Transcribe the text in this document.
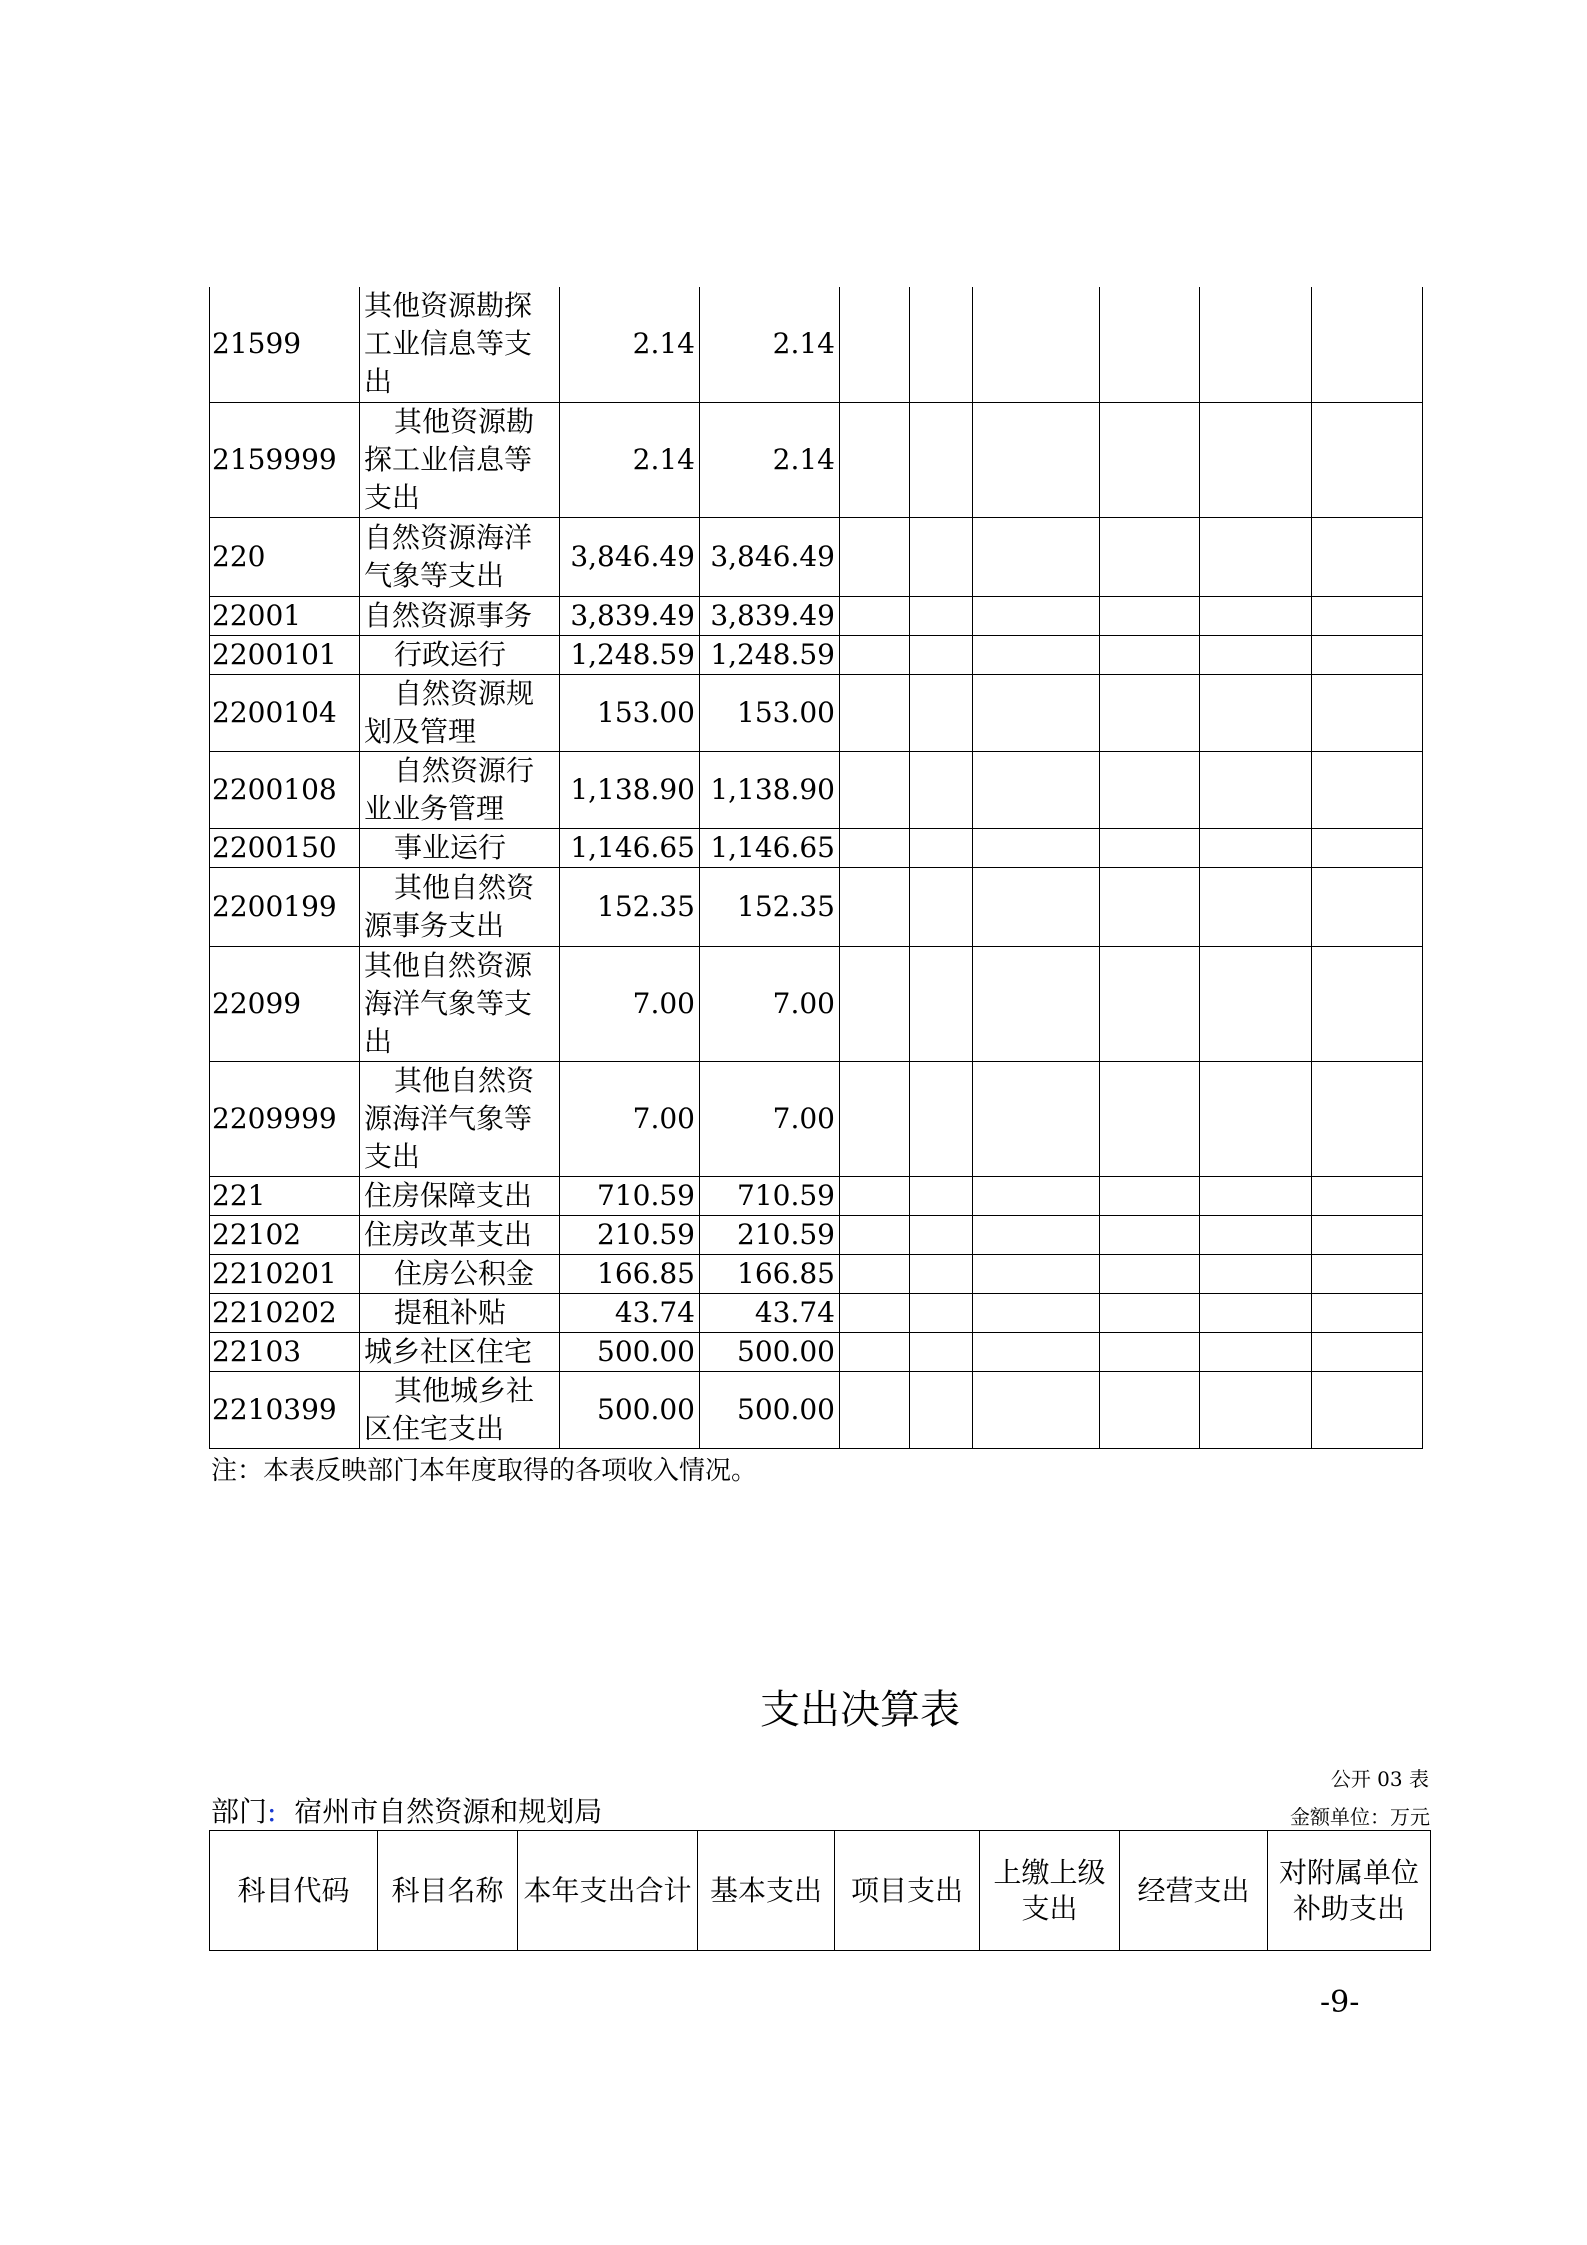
21599	其他资源勘探工业信息等支出	2.14	2.14						
2159999	其他资源勘探工业信息等支出	2.14	2.14						
220	自然资源海洋气象等支出	3,846.49	3,846.49						
22001	自然资源事务	3,839.49	3,839.49						
2200101	行政运行	1,248.59	1,248.59						
2200104	自然资源规划及管理	153.00	153.00						
2200108	自然资源行业业务管理	1,138.90	1,138.90						
2200150	事业运行	1,146.65	1,146.65						
2200199	其他自然资源事务支出	152.35	152.35						
22099	其他自然资源海洋气象等支出	7.00	7.00						
2209999	其他自然资源海洋气象等支出	7.00	7.00						
221	住房保障支出	710.59	710.59						
22102	住房改革支出	210.59	210.59						
2210201	住房公积金	166.85	166.85						
2210202	提租补贴	43.74	43.74						
22103	城乡社区住宅	500.00	500.00						
2210399	其他城乡社区住宅支出	500.00	500.00						
注：本表反映部门本年度取得的各项收入情况。
支出决算表
公开 03 表
部门: 宿州市自然资源和规划局	金额单位：万元
科目代码	科目名称	本年支出合计	基本支出	项目支出	上缴上级支出	经营支出	对附属单位补助支出
-9-
